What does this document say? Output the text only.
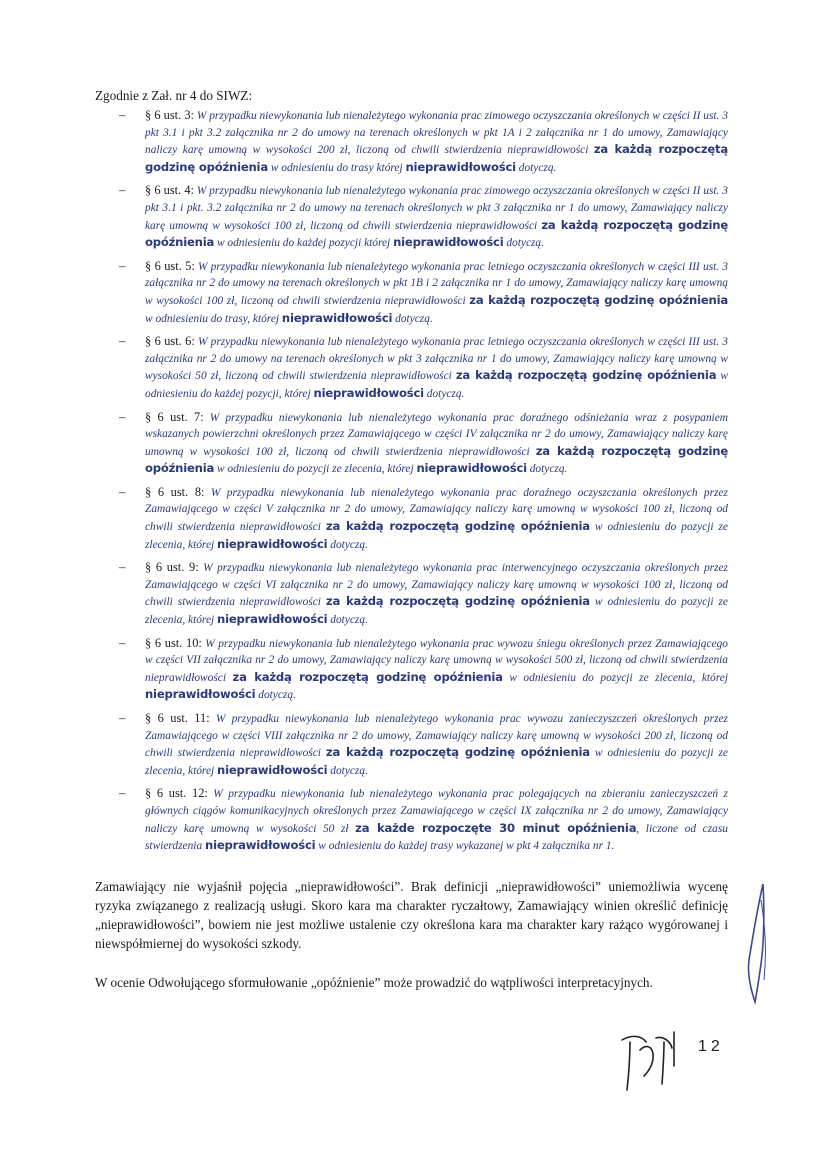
Zgodnie z Zał. nr 4 do SIWZ:

– § 6 ust. 3: W przypadku niewykonania lub nienależytego wykonania prac zimowego oczyszczania określonych w części II ust. 3 pkt 3.1 i pkt 3.2 załącznika nr 2 do umowy na terenach określonych w pkt 1A i 2 załącznika nr 1 do umowy, Zamawiający naliczy karę umowną w wysokości 200 zł, liczoną od chwili stwierdzenia nieprawidłowości za każdą rozpoczętą godzinę opóźnienia w odniesieniu do trasy której nieprawidłowości dotyczą.
– § 6 ust. 4: W przypadku niewykonania lub nienależytego wykonania prac zimowego oczyszczania określonych w części II ust. 3 pkt 3.1 i pkt. 3.2 załącznika nr 2 do umowy na terenach określonych w pkt 3 załącznika nr 1 do umowy, Zamawiający naliczy karę umowną w wysokości 100 zł, liczoną od chwili stwierdzenia nieprawidłowości za każdą rozpoczętą godzinę opóźnienia w odniesieniu do każdej pozycji której nieprawidłowości dotyczą.
– § 6 ust. 5: W przypadku niewykonania lub nienależytego wykonania prac letniego oczyszczania określonych w części III ust. 3 załącznika nr 2 do umowy na terenach określonych w pkt 1B i 2 załącznika nr 1 do umowy, Zamawiający naliczy karę umowną w wysokości 100 zł, liczoną od chwili stwierdzenia nieprawidłowości za każdą rozpoczętą godzinę opóźnienia w odniesieniu do trasy, której nieprawidłowości dotyczą.
– § 6 ust. 6: W przypadku niewykonania lub nienależytego wykonania prac letniego oczyszczania określonych w części III ust. 3 załącznika nr 2 do umowy na terenach określonych w pkt 3 załącznika nr 1 do umowy, Zamawiający naliczy karę umowną w wysokości 50 zł, liczoną od chwili stwierdzenia nieprawidłowości za każdą rozpoczętą godzinę opóźnienia w odniesieniu do każdej pozycji, której nieprawidłowości dotyczą.
– § 6 ust. 7: W przypadku niewykonania lub nienależytego wykonania prac doraźnego odśnieżania wraz z posypaniem wskazanych powierzchni określonych przez Zamawiającego w części IV załącznika nr 2 do umowy, Zamawiający naliczy karę umowną w wysokości 100 zł, liczoną od chwili stwierdzenia nieprawidłowości za każdą rozpoczętą godzinę opóźnienia w odniesieniu do pozycji ze zlecenia, której nieprawidłowości dotyczą.
– § 6 ust. 8: W przypadku niewykonania lub nienależytego wykonania prac doraźnego oczyszczania określonych przez Zamawiającego w części V załącznika nr 2 do umowy, Zamawiający naliczy karę umowną w wysokości 100 zł, liczoną od chwili stwierdzenia nieprawidłowości za każdą rozpoczętą godzinę opóźnienia w odniesieniu do pozycji ze zlecenia, której nieprawidłowości dotyczą.
– § 6 ust. 9: W przypadku niewykonania lub nienależytego wykonania prac interwencyjnego oczyszczania określonych przez Zamawiającego w części VI załącznika nr 2 do umowy, Zamawiający naliczy karę umowną w wysokości 100 zł, liczoną od chwili stwierdzenia nieprawidłowości za każdą rozpoczętą godzinę opóźnienia w odniesieniu do pozycji ze zlecenia, której nieprawidłowości dotyczą.
– § 6 ust. 10: W przypadku niewykonania lub nienależytego wykonania prac wywozu śniegu określonych przez Zamawiającego w części VII załącznika nr 2 do umowy, Zamawiający naliczy karę umowną w wysokości 500 zł, liczoną od chwili stwierdzenia nieprawidłowości za każdą rozpoczętą godzinę opóźnienia w odniesieniu do pozycji ze zlecenia, której nieprawidłowości dotyczą.
– § 6 ust. 11: W przypadku niewykonania lub nienależytego wykonania prac wywozu zanieczyszczeń określonych przez Zamawiającego w części VIII załącznika nr 2 do umowy, Zamawiający naliczy karę umowną w wysokości 200 zł, liczoną od chwili stwierdzenia nieprawidłowości za każdą rozpoczętą godzinę opóźnienia w odniesieniu do pozycji ze zlecenia, której nieprawidłowości dotyczą.
– § 6 ust. 12: W przypadku niewykonania lub nienależytego wykonania prac polegających na zbieraniu zanieczyszczeń z głównych ciągów komunikacyjnych określonych przez Zamawiającego w części IX załącznika nr 2 do umowy, Zamawiający naliczy karę umowną w wysokości 50 zł za każde rozpoczęte 30 minut opóźnienia, liczone od czasu stwierdzenia nieprawidłowości w odniesieniu do każdej trasy wykazanej w pkt 4 załącznika nr 1.

Zamawiający nie wyjaśnił pojęcia „nieprawidłowości”. Brak definicji „nieprawidłowości” uniemożliwia wycenę ryzyka związanego z realizacją usługi. Skoro kara ma charakter ryczałtowy, Zamawiający winien określić definicję „nieprawidłowości”, bowiem nie jest możliwe ustalenie czy określona kara ma charakter kary rażąco wygórowanej i niewspółmiernej do wysokości szkody.

W ocenie Odwołującego sformułowanie „opóźnienie” może prowadzić do wątpliwości interpretacyjnych.

12
